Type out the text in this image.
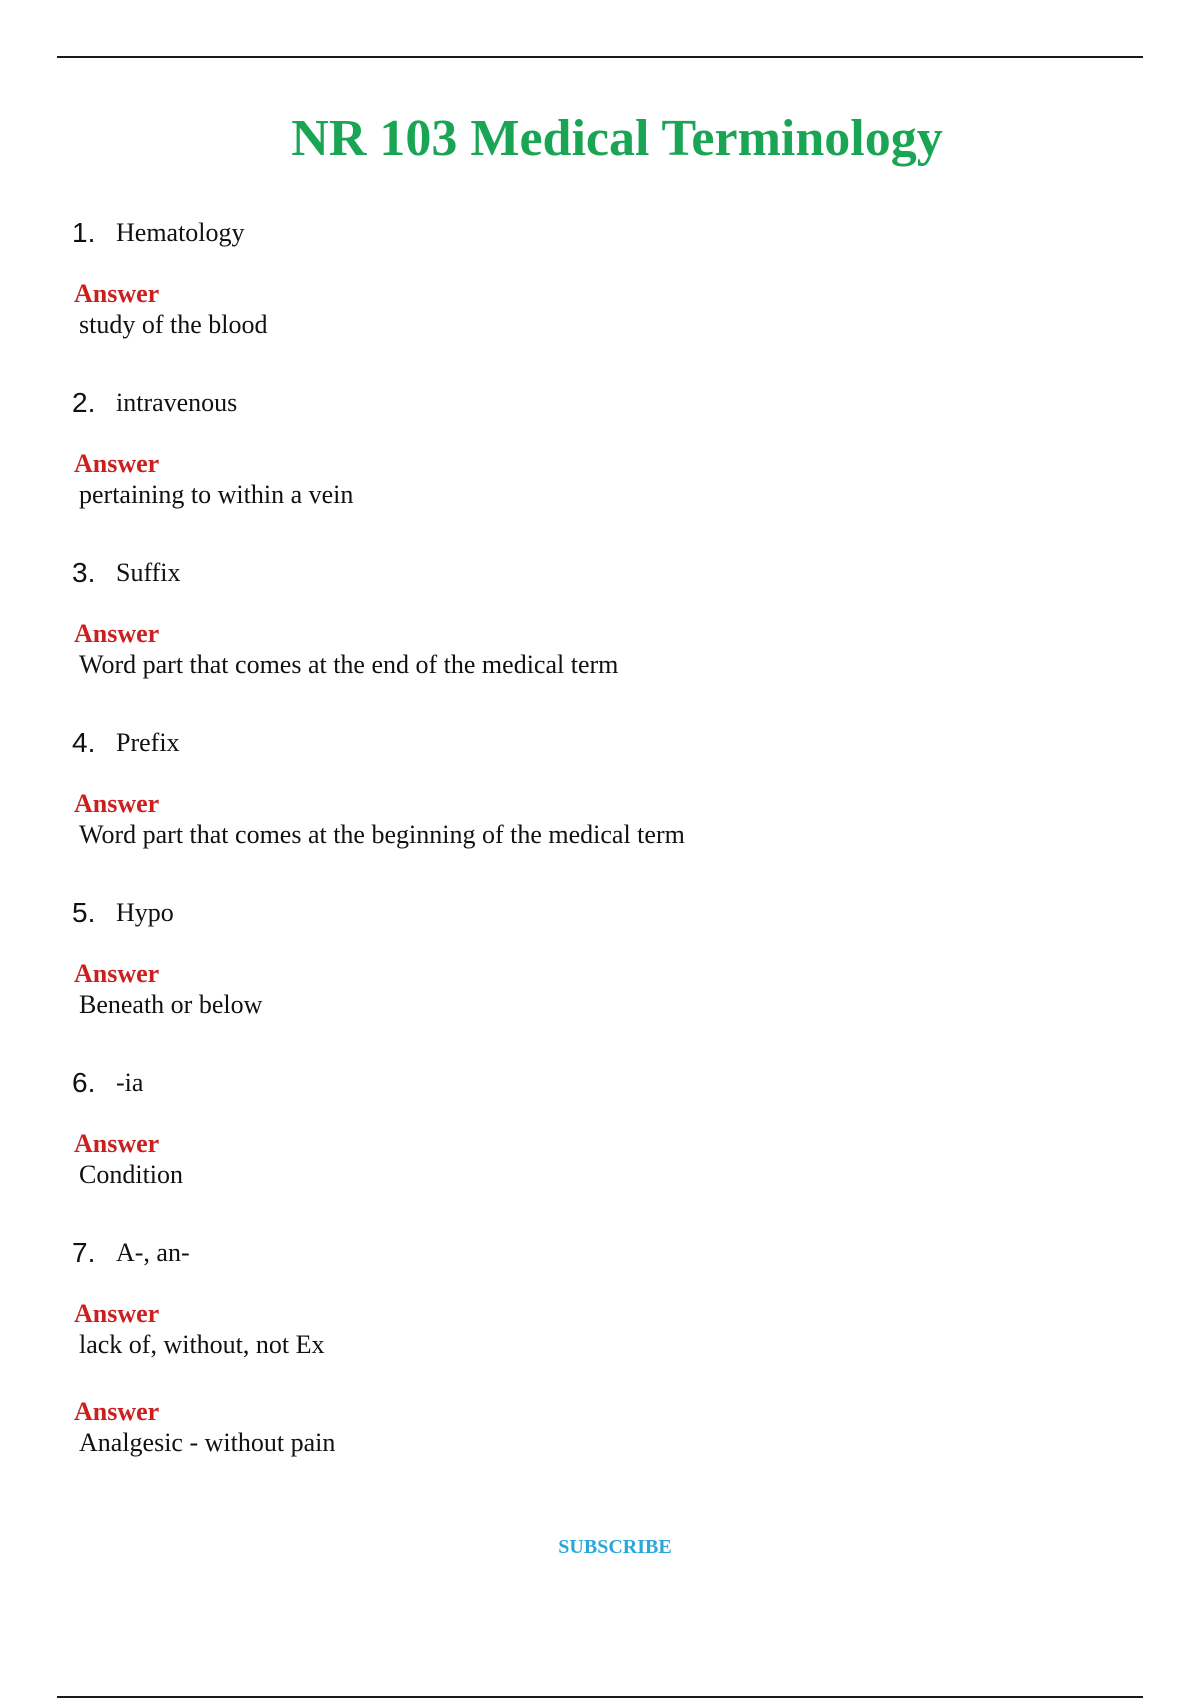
NR 103 Medical Terminology
1. Hematology
Answer
study of the blood
2. intravenous
Answer
pertaining to within a vein
3. Suffix
Answer
Word part that comes at the end of the medical term
4. Prefix
Answer
Word part that comes at the beginning of the medical term
5. Hypo
Answer
Beneath or below
6. -ia
Answer
Condition
7. A-, an-
Answer
lack of, without, not Ex
Answer
Analgesic - without pain
SUBSCRIBE
